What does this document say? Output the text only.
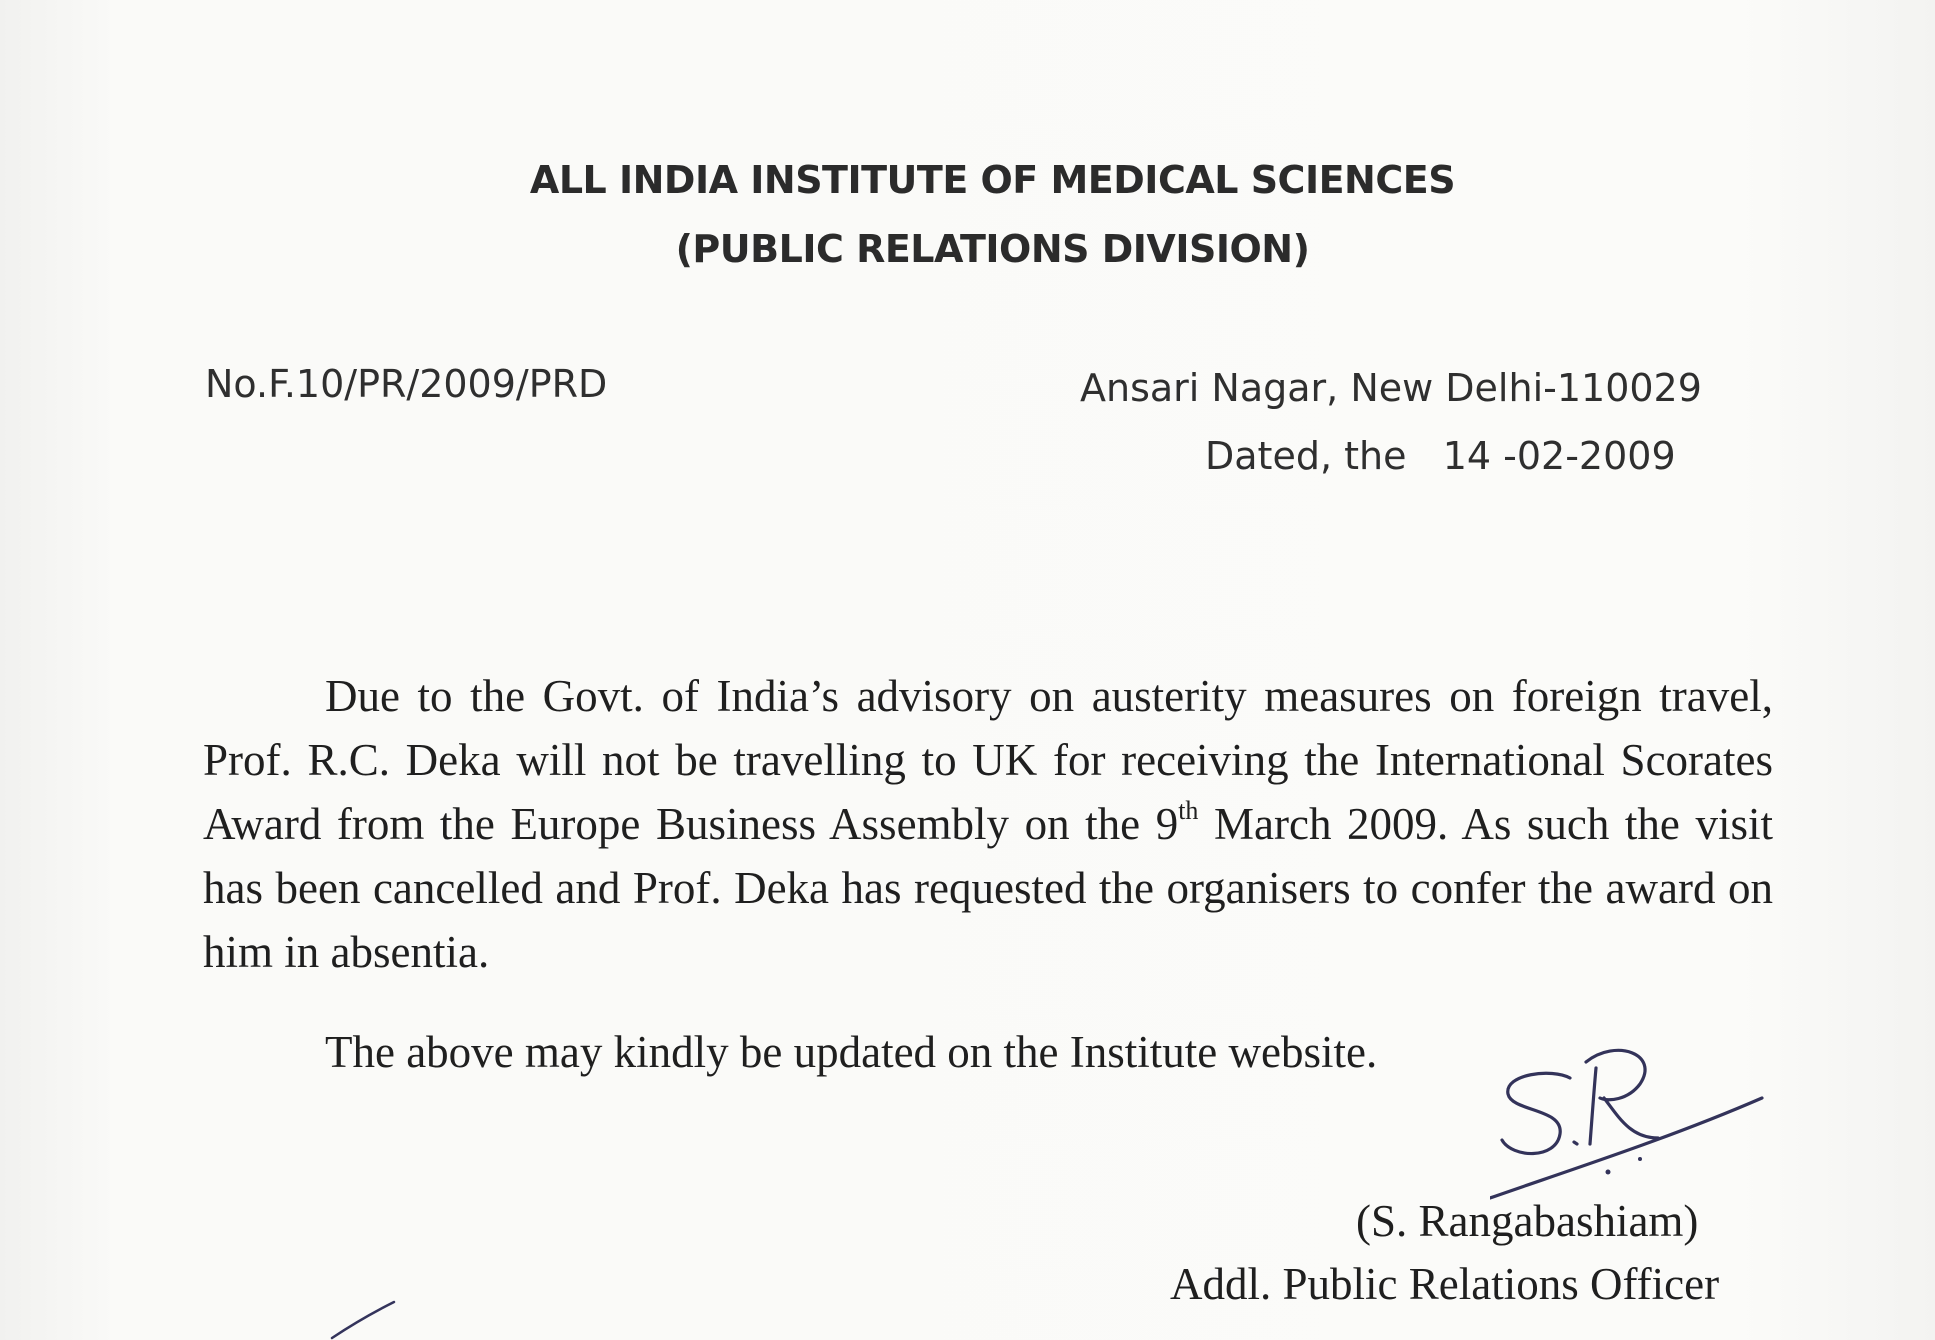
ALL INDIA INSTITUTE OF MEDICAL SCIENCES
(PUBLIC RELATIONS DIVISION)
No.F.10/PR/2009/PRD	Ansari Nagar, New Delhi-110029
Dated, the 14 -02-2009
Due to the Govt. of India’s advisory on austerity measures on foreign travel, Prof. R.C. Deka will not be travelling to UK for receiving the International Scorates Award from the Europe Business Assembly on the 9th March 2009. As such the visit has been cancelled and Prof. Deka has requested the organisers to confer the award on him in absentia.
The above may kindly be updated on the Institute website.
(S. Rangabashiam)
Addl. Public Relations Officer
